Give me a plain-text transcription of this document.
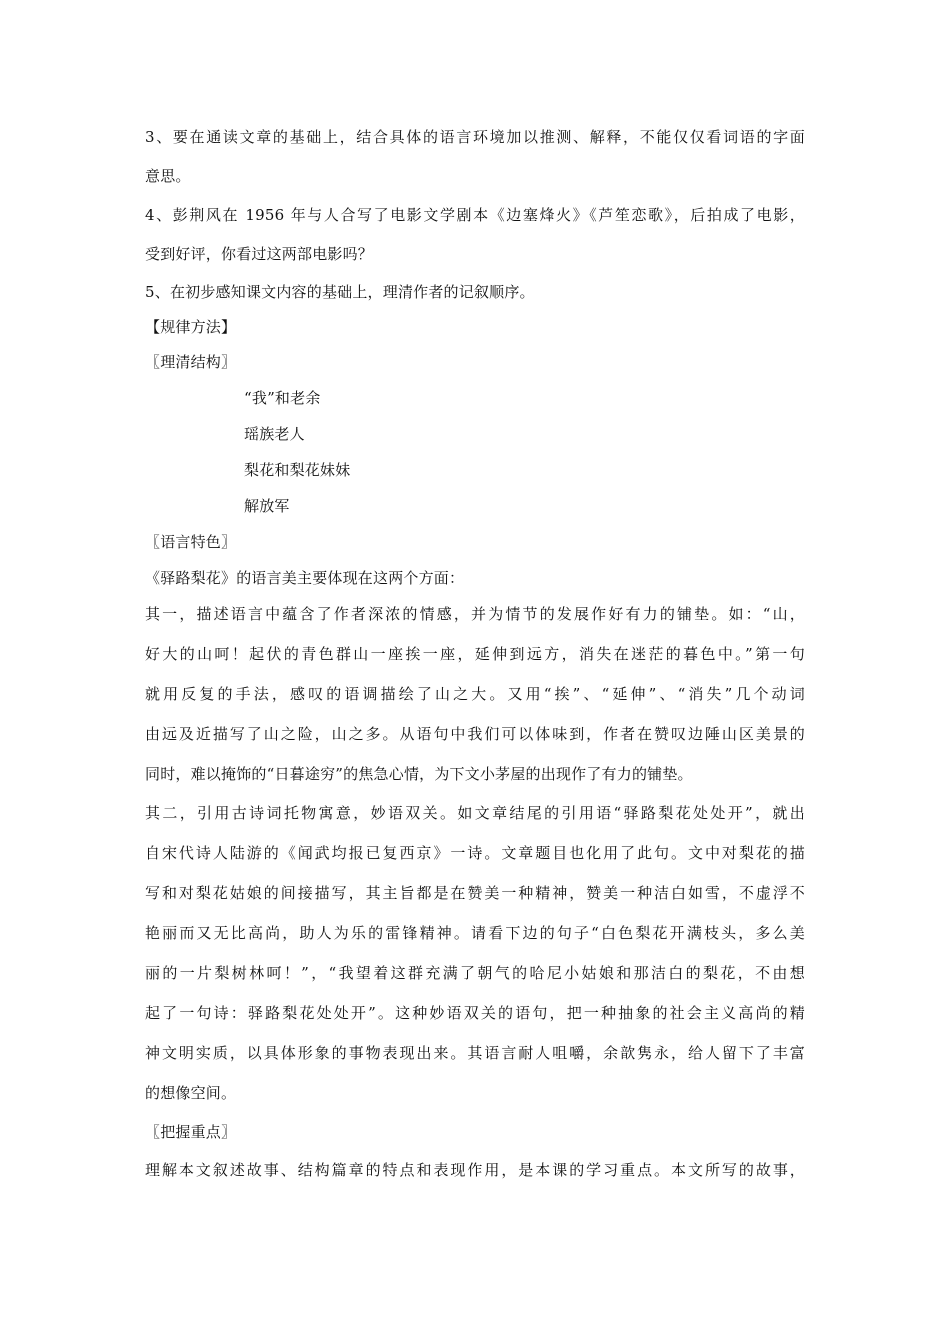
3、要在通读文章的基础上，结合具体的语言环境加以推测、解释，不能仅仅看词语的字面
意思。
4、彭荆风在 1956 年与人合写了电影文学剧本《边塞烽火》《芦笙恋歌》，后拍成了电影，
受到好评，你看过这两部电影吗？
5、在初步感知课文内容的基础上，理清作者的记叙顺序。
【规律方法】
〖理清结构〗
“我”和老余
瑶族老人
梨花和梨花妹妹
解放军
〖语言特色〗
《驿路梨花》的语言美主要体现在这两个方面：
其一，描述语言中蕴含了作者深浓的情感，并为情节的发展作好有力的铺垫。如：“山，
好大的山呵！起伏的青色群山一座挨一座，延伸到远方，消失在迷茫的暮色中。”第一句
就用反复的手法，感叹的语调描绘了山之大。又用“挨”、“延伸”、“消失”几个动词
由远及近描写了山之险，山之多。从语句中我们可以体味到，作者在赞叹边陲山区美景的
同时，难以掩饰的“日暮途穷”的焦急心情，为下文小茅屋的出现作了有力的铺垫。
其二，引用古诗词托物寓意，妙语双关。如文章结尾的引用语“驿路梨花处处开”，就出
自宋代诗人陆游的《闻武均报已复西京》一诗。文章题目也化用了此句。文中对梨花的描
写和对梨花姑娘的间接描写，其主旨都是在赞美一种精神，赞美一种洁白如雪，不虚浮不
艳丽而又无比高尚，助人为乐的雷锋精神。请看下边的句子“白色梨花开满枝头，多么美
丽的一片梨树林呵！”，“我望着这群充满了朝气的哈尼小姑娘和那洁白的梨花，不由想
起了一句诗：驿路梨花处处开”。这种妙语双关的语句，把一种抽象的社会主义高尚的精
神文明实质，以具体形象的事物表现出来。其语言耐人咀嚼，余歆隽永，给人留下了丰富
的想像空间。
〖把握重点〗
理解本文叙述故事、结构篇章的特点和表现作用，是本课的学习重点。本文所写的故事，
